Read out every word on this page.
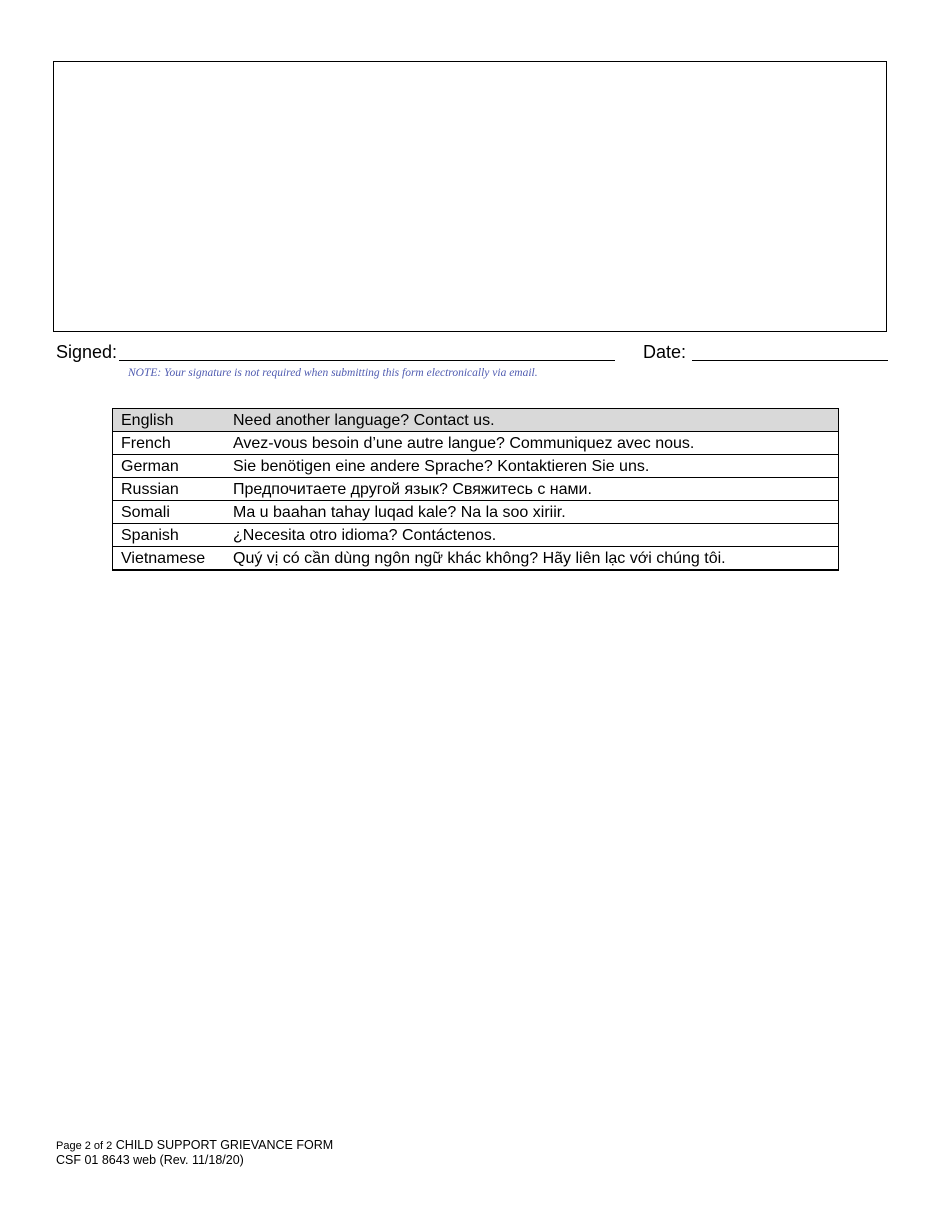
Signed:	Date:
NOTE: Your signature is not required when submitting this form electronically via email.
English	Need another language? Contact us.
French	Avez-vous besoin d’une autre langue? Communiquez avec nous.
German	Sie benötigen eine andere Sprache? Kontaktieren Sie uns.
Russian	Предпочитаете другой язык? Свяжитесь с нами.
Somali	Ma u baahan tahay luqad kale? Na la soo xiriir.
Spanish	¿Necesita otro idioma? Contáctenos.
Vietnamese	Quý vị có cần dùng ngôn ngữ khác không? Hãy liên lạc với chúng tôi.
Page 2 of 2 CHILD SUPPORT GRIEVANCE FORM
CSF 01 8643 web (Rev. 11/18/20)
